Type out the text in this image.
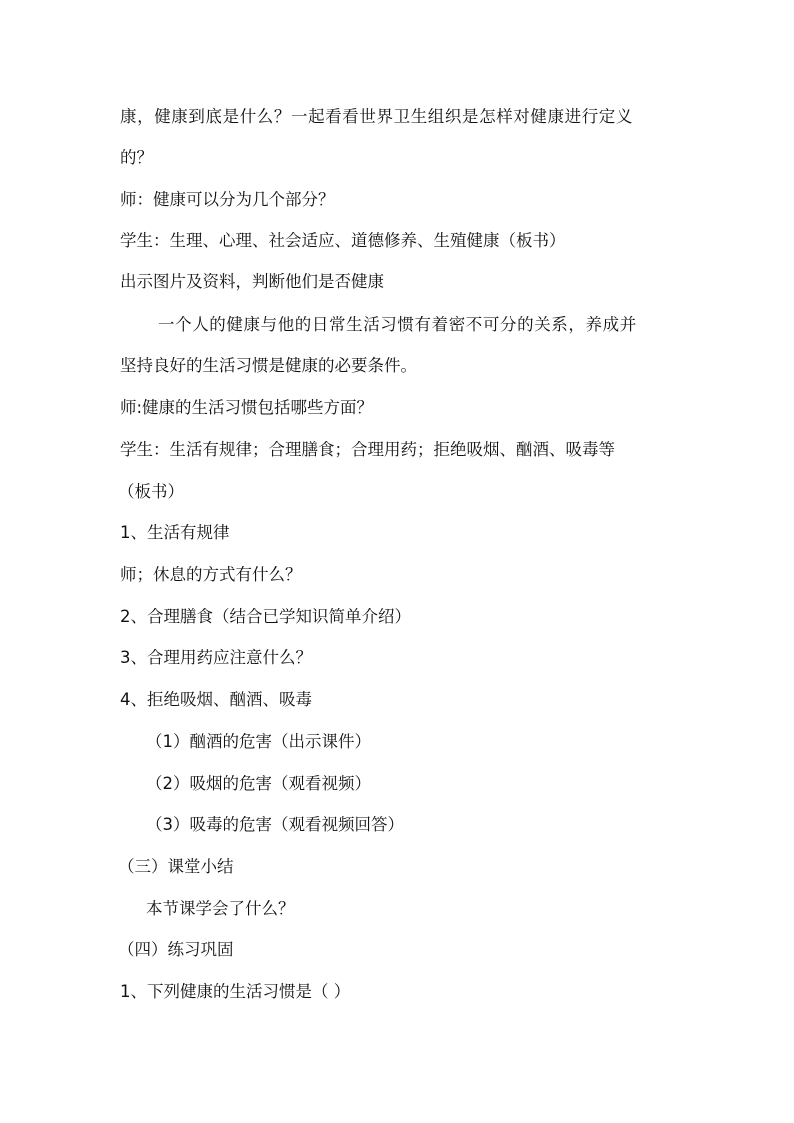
康，健康到底是什么？一起看看世界卫生组织是怎样对健康进行定义
的？
师：健康可以分为几个部分？
学生：生理、心理、社会适应、道德修养、生殖健康（板书）
出示图片及资料，判断他们是否健康
一个人的健康与他的日常生活习惯有着密不可分的关系，养成并
坚持良好的生活习惯是健康的必要条件。
师:健康的生活习惯包括哪些方面？
学生：生活有规律；合理膳食；合理用药；拒绝吸烟、酗酒、吸毒等
（板书）
1、生活有规律
师；休息的方式有什么？
2、合理膳食（结合已学知识简单介绍）
3、合理用药应注意什么？
4、拒绝吸烟、酗酒、吸毒
（1）酗酒的危害（出示课件）
（2）吸烟的危害（观看视频）
（3）吸毒的危害（观看视频回答）
（三）课堂小结
本节课学会了什么？
（四）练习巩固
1、下列健康的生活习惯是（ ）
